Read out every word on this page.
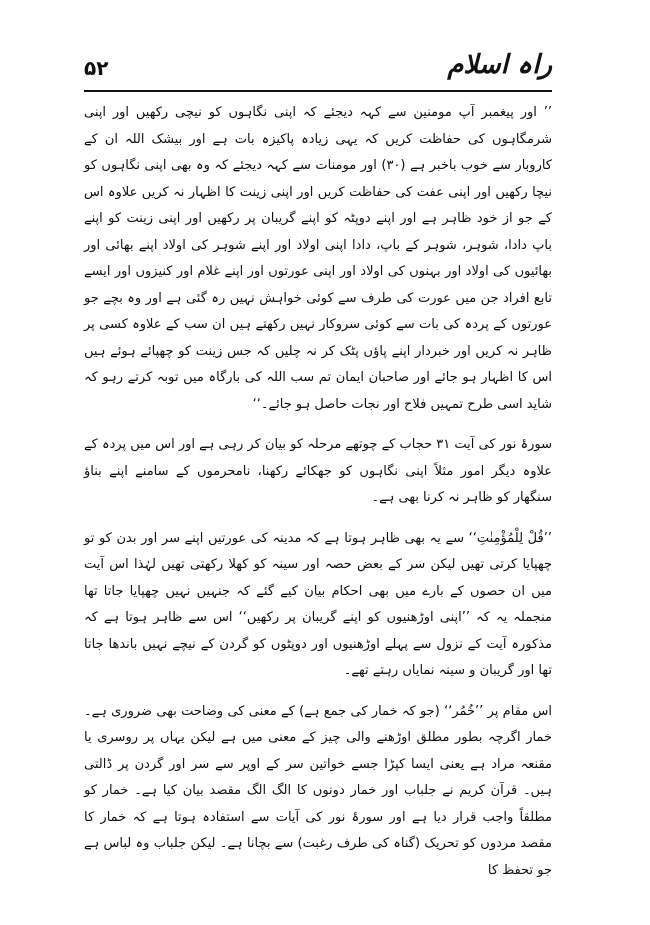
۵۲	راہ اسلام

’’ اور پیغمبر آپ مومنین سے کہہ دیجئے کہ اپنی نگاہوں کو نیچی رکھیں اور اپنی شرمگاہوں کی حفاظت کریں کہ یہی زیادہ پاکیزہ بات ہے اور بیشک اللہ ان کے کاروبار سے خوب باخبر ہے (۳۰) اور مومنات سے کہہ دیجئے کہ وہ بھی اپنی نگاہوں کو نیچا رکھیں اور اپنی عفت کی حفاظت کریں اور اپنی زینت کا اظہار نہ کریں علاوہ اس کے جو از خود ظاہر ہے اور اپنے دوپٹہ کو اپنے گریبان پر رکھیں اور اپنی زینت کو اپنے باپ دادا، شوہر، شوہر کے باپ، دادا اپنی اولاد اور اپنے شوہر کی اولاد اپنے بھائی اور بھائیوں کی اولاد اور بہنوں کی اولاد اور اپنی عورتوں اور اپنے غلام اور کنیزوں اور ایسے تابع افراد جن میں عورت کی طرف سے کوئی خواہش نہیں رہ گئی ہے اور وہ بچے جو عورتوں کے پردہ کی بات سے کوئی سروکار نہیں رکھتے ہیں ان سب کے علاوہ کسی پر ظاہر نہ کریں اور خبردار اپنے پاؤں پٹک کر نہ چلیں کہ جس زینت کو چھپائے ہوئے ہیں اس کا اظہار ہو جائے اور صاحبان ایمان تم سب اللہ کی بارگاہ میں توبہ کرتے رہو کہ شاید اسی طرح تمہیں فلاح اور نجات حاصل ہو جائے۔‘‘

سورۂ نور کی آیت ۳۱ حجاب کے چوتھے مرحلہ کو بیان کر رہی ہے اور اس میں پردہ کے علاوہ دیگر امور مثلاً اپنی نگاہوں کو جھکائے رکھنا، نامحرموں کے سامنے اپنے بناؤ سنگھار کو ظاہر نہ کرنا بھی ہے۔

’’قُلْ لِلْمُؤْمِنٰتِ‘‘ سے یہ بھی ظاہر ہوتا ہے کہ مدینہ کی عورتیں اپنے سر اور بدن کو تو چھپایا کرتی تھیں لیکن سر کے بعض حصہ اور سینہ کو کھلا رکھتی تھیں لہٰذا اس آیت میں ان حصوں کے بارے میں بھی احکام بیان کیے گئے کہ جنہیں نہیں چھپایا جاتا تھا منجملہ یہ کہ ’’اپنی اوڑھنیوں کو اپنے گریبان پر رکھیں‘‘ اس سے ظاہر ہوتا ہے کہ مذکورہ آیت کے نزول سے پہلے اوڑھنیوں اور دوپٹوں کو گردن کے نیچے نہیں باندھا جاتا تھا اور گریبان و سینہ نمایاں رہتے تھے۔

اس مقام پر ’’خُمُر‘‘ (جو کہ خمار کی جمع ہے) کے معنی کی وضاحت بھی ضروری ہے۔ خمار اگرچہ بطور مطلق اوڑھنے والی چیز کے معنی میں ہے لیکن یہاں پر روسری یا مقنعہ مراد ہے یعنی ایسا کپڑا جسے خواتین سر کے اوپر سے سر اور گردن پر ڈالتی ہیں۔ قرآن کریم نے جلباب اور خمار دونوں کا الگ الگ مقصد بیان کیا ہے۔ خمار کو مطلقاً واجب قرار دیا ہے اور سورۂ نور کی آیات سے استفادہ ہوتا ہے کہ خمار کا مقصد مردوں کو تحریک (گناہ کی طرف رغبت) سے بچانا ہے۔ لیکن جلباب وہ لباس ہے جو تحفظ کا
